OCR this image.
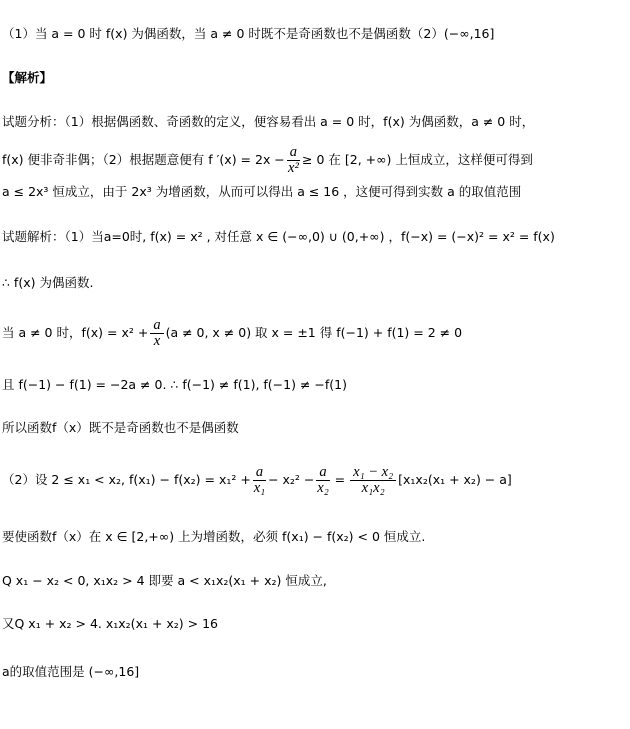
（1）当 a = 0 时 f(x) 为偶函数，当 a ≠ 0 时既不是奇函数也不是偶函数（2）(−∞,16]
【解析】
试题分析：（1）根据偶函数、奇函数的定义，便容易看出 a = 0 时，f(x) 为偶函数，a ≠ 0 时，
f(x) 便非奇非偶；（2）根据题意便有 f $'(x) = 2x - \frac{a}{\text{x²}} \ge 0$ 在 [2, +∞) 上恒成立，这样便可得到
a ≤ 2x³ 恒成立，由于 2x³ 为增函数，从而可以得出 a ≤ 16 ，这便可得到实数 a 的取值范围
试题解析：（1）当a=0时, f(x) = x² , 对任意 x ∈ (−∞,0) ∪ (0,+∞) ，f(−x) = (−x)² = x² = f(x)
∴ f(x) 为偶函数.
当 a ≠ 0 时，$f(x) = x^2 + \frac{a}{x} (a \ne 0$, x ≠ 0) 取 x = ±1 得 f(−1) + f(1) = 2 ≠ 0
且 f(−1) − f(1) = −2a ≠ 0. ∴ f(−1) ≠ f(1), f(−1) ≠ −f(1)
所以函数f（x）既不是奇函数也不是偶函数
（2）设 2 ≤ x₁ < x₂, $f(x_1) - f(x_2) = x_1^2 + \frac{a}{\text{x₁}} - x_2^2 - \frac{a}{\text{x₂}} = \frac{\text{x₁ − x₂}}{\text{x₁x₂}} [x_1x_2(x_1 + x_2) - a]$
要使函数f（x）在 x ∈ [2,+∞) 上为增函数，必须 f(x₁) − f(x₂) < 0 恒成立.
Q x₁ − x₂ < 0, x₁x₂ > 4 即要 a < x₁x₂(x₁ + x₂) 恒成立,
又Q x₁ + x₂ > 4. x₁x₂(x₁ + x₂) > 16
a的取值范围是 (−∞,16]
